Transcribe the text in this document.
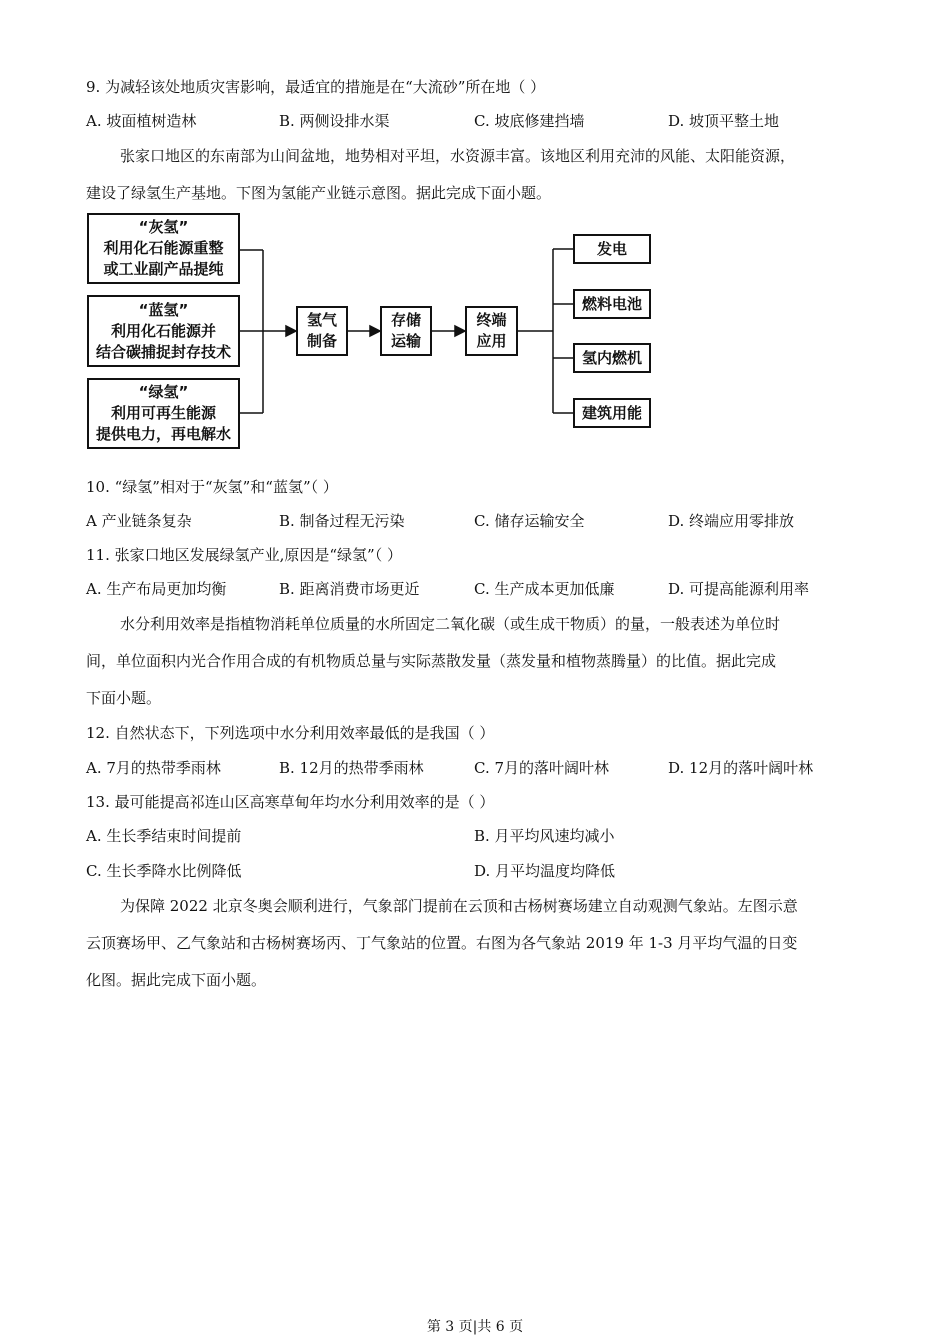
9. 为减轻该处地质灾害影响，最适宜的措施是在“大流砂”所在地（ ）
A. 坡面植树造林	B. 两侧设排水渠	C. 坡底修建挡墙	D. 坡顶平整土地
张家口地区的东南部为山间盆地，地势相对平坦，水资源丰富。该地区利用充沛的风能、太阳能资源，
建设了绿氢生产基地。下图为氢能产业链示意图。据此完成下面小题。
“灰氢”
利用化石能源重整
或工业副产品提纯
“蓝氢”
利用化石能源并
结合碳捕捉封存技术
“绿氢”
利用可再生能源
提供电力，再电解水
氢气
制备
存储
运输
终端
应用
发电
燃料电池
氢内燃机
建筑用能
10. “绿氢”相对于“灰氢”和“蓝氢”（ ）
A 产业链条复杂	B. 制备过程无污染	C. 储存运输安全	D. 终端应用零排放
11. 张家口地区发展绿氢产业,原因是“绿氢”（ ）
A. 生产布局更加均衡	B. 距离消费市场更近	C. 生产成本更加低廉	D. 可提高能源利用率
水分利用效率是指植物消耗单位质量的水所固定二氧化碳（或生成干物质）的量，一般表述为单位时
间，单位面积内光合作用合成的有机物质总量与实际蒸散发量（蒸发量和植物蒸腾量）的比值。据此完成
下面小题。
12. 自然状态下，下列选项中水分利用效率最低的是我国（ ）
A. 7月的热带季雨林	B. 12月的热带季雨林	C. 7月的落叶阔叶林	D. 12月的落叶阔叶林
13. 最可能提高祁连山区高寒草甸年均水分利用效率的是（ ）
A. 生长季结束时间提前	B. 月平均风速均减小
C. 生长季降水比例降低	D. 月平均温度均降低
为保障 2022 北京冬奥会顺利进行，气象部门提前在云顶和古杨树赛场建立自动观测气象站。左图示意
云顶赛场甲、乙气象站和古杨树赛场丙、丁气象站的位置。右图为各气象站 2019 年 1-3 月平均气温的日变
化图。据此完成下面小题。
第 3 页|共 6 页
